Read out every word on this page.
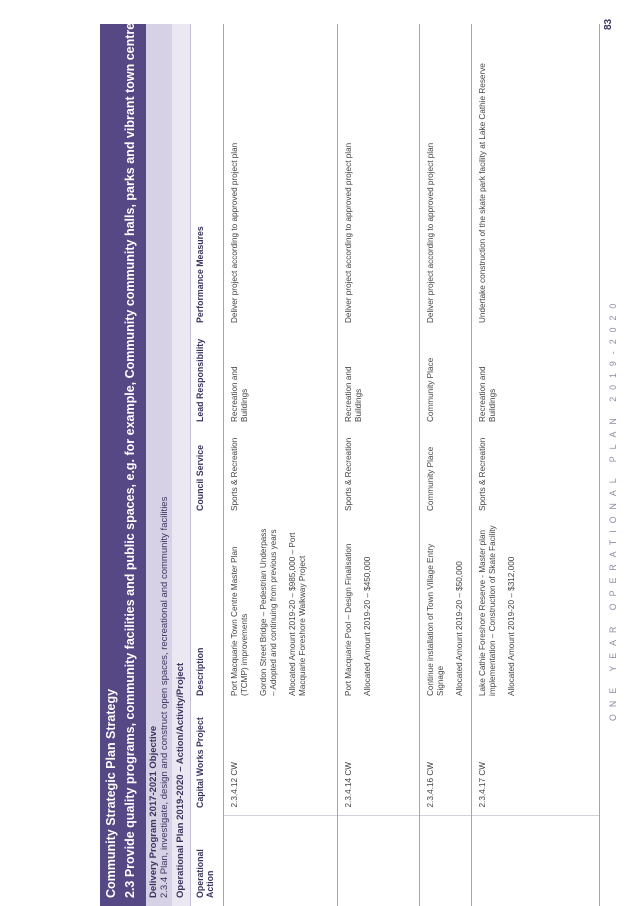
Community Strategic Plan Strategy 2.3 Provide quality programs, community facilities and public spaces, e.g. for example, Community community halls, parks and vibrant town centres Delivery Program 2017-2021 Objective 2.3.4 Plan, investigate, design and construct open spaces, recreational and community facilities Operational Plan 2019-2020 – Action/Activity/Project Operational Action	Capital Works Project	Description	Council Service	Lead Responsibility	Performance Measures
	2.3.4.12 CW	Port Macquarie Town Centre Master Plan (TCMP) improvements Gordon Street Bridge – Pedestrian Underpass – Adopted and continuing from previous years Allocated Amount 2019-20 – $985,000 – Port Macquarie Foreshore Walkway Project	Sports & Recreation	Recreation and Buildings	Deliver project according to approved project plan
	2.3.4.14 CW	Port Macquarie Pool – Design Finalisation Allocated Amount 2019-20 – $450,000	Sports & Recreation	Recreation and Buildings	Deliver project according to approved project plan
	2.3.4.16 CW	Continue installation of Town Village Entry Signage Allocated Amount 2019-20 – $50,000	Community Place	Community Place	Deliver project according to approved project plan
	2.3.4.17 CW	Lake Cathie Foreshore Reserve - Master plan implementation – Construction of Skate Facility Allocated Amount 2019-20 – $312,000	Sports & Recreation	Recreation and Buildings	Undertake construction of the skate park facility at Lake Cathie Reserve
ONE YEAR OPERATIONAL PLAN 2019-2020
83
